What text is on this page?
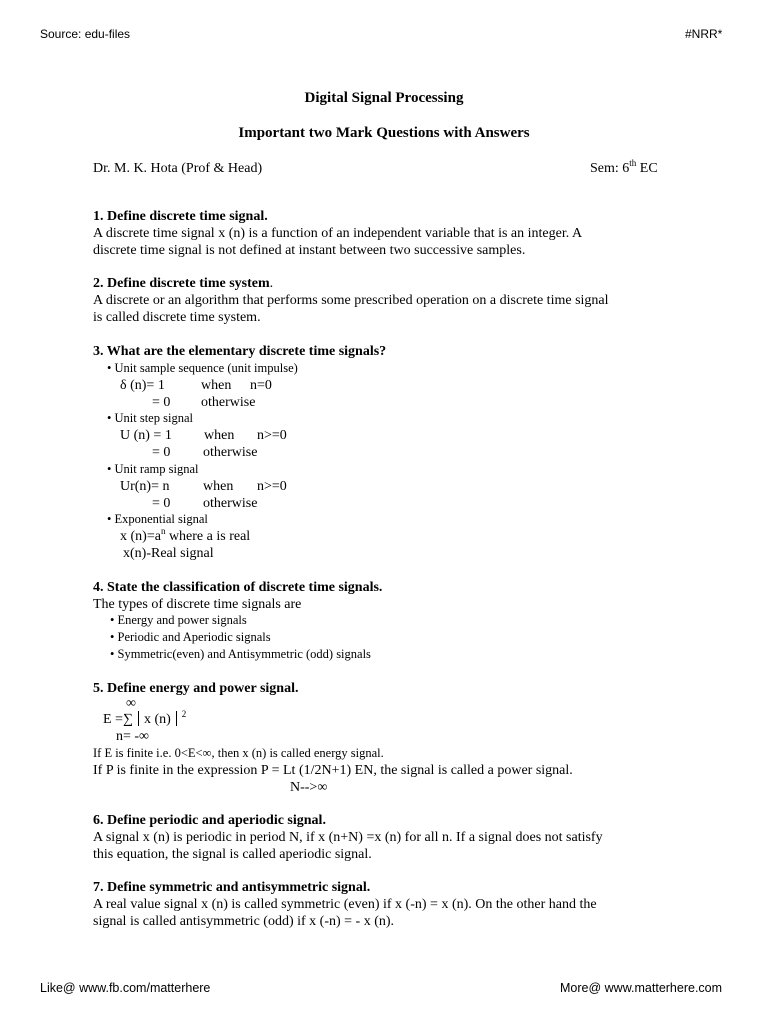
Source: edu-files	#NRR*
Digital Signal Processing
Important two Mark Questions with Answers
Dr. M. K. Hota (Prof & Head)	Sem: 6th EC
1. Define discrete time signal.
A discrete time signal x (n) is a function of an independent variable that is an integer. A
discrete time signal is not defined at instant between two successive samples.
2. Define discrete time system.
A discrete or an algorithm that performs some prescribed operation on a discrete time signal
is called discrete time system.
3. What are the elementary discrete time signals?
• Unit sample sequence (unit impulse)
δ (n)= 1	when n=0
= 0 otherwise
• Unit step signal
U (n) = 1 when n>=0
= 0 otherwise
• Unit ramp signal
Ur(n)= n when n>=0
= 0 otherwise
• Exponential signal
x $(n)=a^n$ where a is real
x(n)-Real signal
4. State the classification of discrete time signals.
The types of discrete time signals are
• Energy and power signals
• Periodic and Aperiodic signals
• Symmetric(even) and Antisymmetric (odd) signals
5. Define energy and power signal.
∞
E =∑ x (n) $^2$
n= -∞
If E is finite i.e. 0<E<∞, then x (n) is called energy signal.
If P is finite in the expression P = Lt (1/2N+1) EN, the signal is called a power signal.
N-->∞
6. Define periodic and aperiodic signal.
A signal x (n) is periodic in period N, if x (n+N) =x (n) for all n. If a signal does not satisfy
this equation, the signal is called aperiodic signal.
7. Define symmetric and antisymmetric signal.
A real value signal x (n) is called symmetric (even) if x (-n) = x (n). On the other hand the
signal is called antisymmetric (odd) if x (-n) = - x (n).
Like@ www.fb.com/matterhere	More@ www.matterhere.com
